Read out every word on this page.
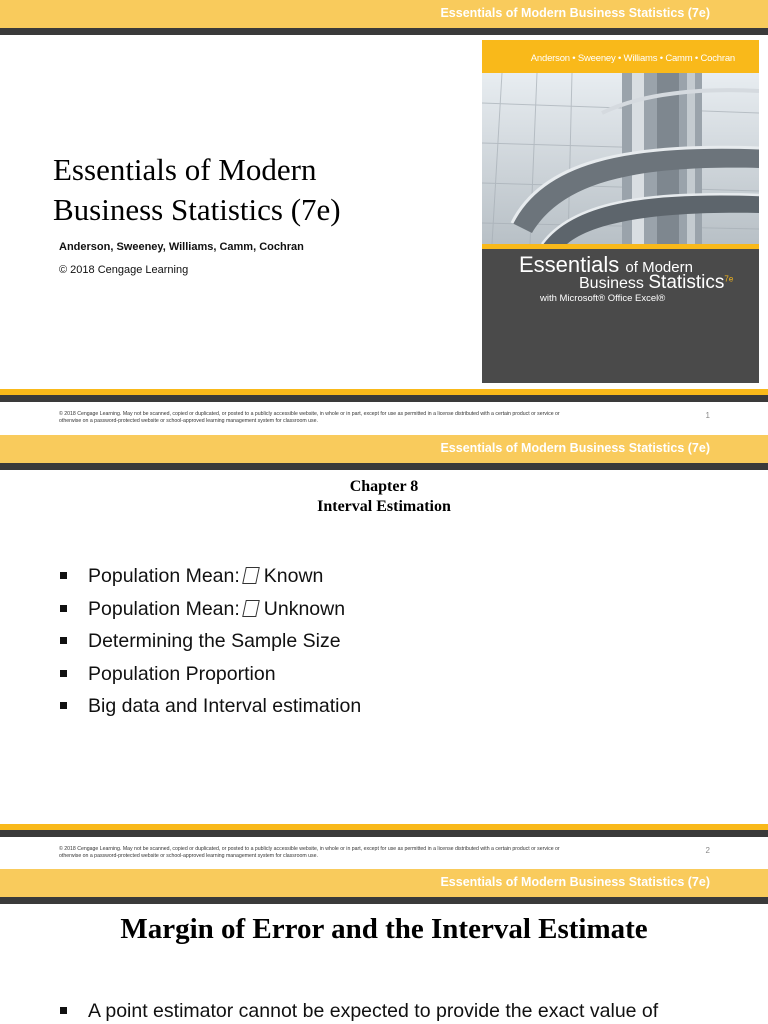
Essentials of Modern Business Statistics (7e)
Essentials of Modern
Business Statistics (7e)
Anderson, Sweeney, Williams, Camm, Cochran
© 2018 Cengage Learning
Anderson • Sweeney • Williams • Camm • Cochran
Essentials of Modern
Business Statistics$^{7e}$
with Microsoft® Office Excel®
© 2018 Cengage Learning. May not be scanned, copied or duplicated, or posted to a publicly accessible website, in whole or in part, except for use as permitted in a license distributed with a certain product or service or
otherwise on a password-protected website or school-approved learning management system for classroom use.
1
Essentials of Modern Business Statistics (7e)
Chapter 8
Interval Estimation
Population Mean: Known
Population Mean: Unknown
Determining the Sample Size
Population Proportion
Big data and Interval estimation
© 2018 Cengage Learning. May not be scanned, copied or duplicated, or posted to a publicly accessible website, in whole or in part, except for use as permitted in a license distributed with a certain product or service or
otherwise on a password-protected website or school-approved learning management system for classroom use.
2
Essentials of Modern Business Statistics (7e)
Margin of Error and the Interval Estimate
A point estimator cannot be expected to provide the exact value of
